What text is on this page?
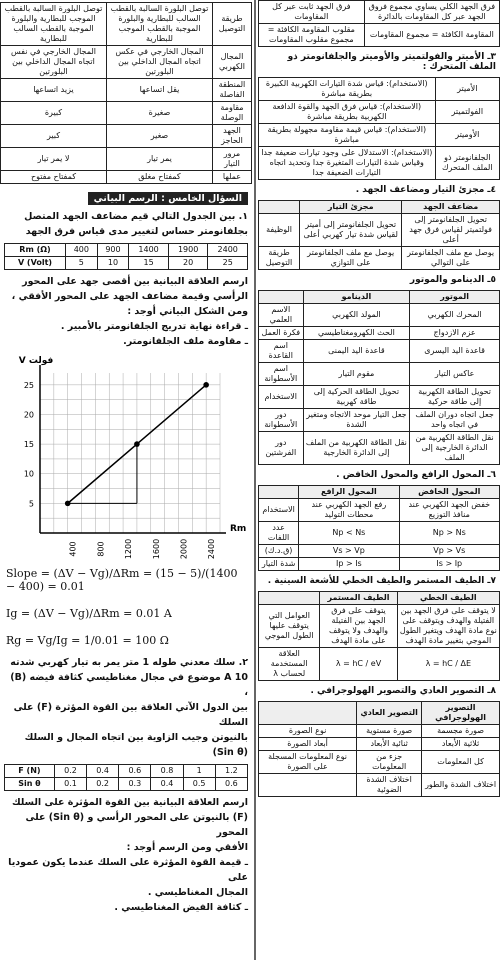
توصل البلورة السالبة بالقطب الموجب للبطارية والبلورة الموجبة بالقطب السالب للبطارية	توصل البلورة السالبة بالقطب السالب للبطارية والبلورة الموجبة بالقطب الموجب للبطارية	طريقة التوصيل
المجال الخارجي في نفس اتجاه المجال الداخلي بين البلورتين	المجال الخارجي في عكس اتجاه المجال الداخلي بين البلورتين	المجال الكهربي
يزيد اتساعها	يقل اتساعها	المنطقة الفاصلة
كبيرة	صغيرة	مقاومة الوصلة
كبير	صغير	الجهد الحاجز
لا يمر تيار	يمر تيار	مرور التيار
كمفتاح مفتوح	كمفتاح مغلق	عملها
السؤال الخامس : الرسم البياني
١. بين الجدول التالي قيم مضاعف الجهد المتصل بجلفانومتر حساس لتغيير مدى قياس فرق الجهد
Rm (Ω)	400	900	1400	1900	2400
V (Volt)	5	10	15	20	25
ارسم العلاقة البيانية بين أقصى جهد على المحور الرأسي وقيمة مضاعف الجهد على المحور الأفقي ،
ومن الشكل البياني أوجد :
ـ قراءة نهاية تدريج الجلفانومتر بالأمبير .
ـ مقاومة ملف الجلفانومتر.
400 800 1200 1600 2000 2400
5
10
15
20
25
Rm
V فولت
Slope = (ΔV − Vg)/ΔRm = (15 − 5)/(1400 − 400) = 0.01
Ig = (ΔV − Vg)/ΔRm = 0.01 A
Rg = Vg/Ig = 1/0.01 = 100 Ω
٢. سلك معدني طوله 1 متر يمر به تيار كهربي شدته
A 10 موضوع في مجال مغناطيسي كثافة فيضه (B) ،
بين الدول الآتي العلاقة بين القوة المؤثرة (F) على السلك
بالنيوتن وجيب الزاوية بين اتجاه المجال و السلك (Sin θ)
F (N)	0.2	0.4	0.6	0.8	1	1.2
Sin θ	0.1	0.2	0.3	0.4	0.5	0.6
ارسم العلاقة البيانية بين القوة المؤثرة على السلك
(F) بالنيوتن على المحور الرأسي و (Sin θ) على المحور
الأفقي ومن الرسم أوجد :
ـ قيمة القوة المؤثرة على السلك عندما يكون عموديا على
المجال المغناطيسي .
ـ كثافة الفيض المغناطيسي .
فرق الجهد الكلي يساوي مجموع فروق الجهد عبر كل المقاومات بالدائرة	فرق الجهد ثابت عبر كل المقاومات
المقاومة الكافئة = مجموع المقاومات	مقلوب المقاومة الكافئة = مجموع مقلوب المقاومات
٣ـ الأميتر والفولتميتر والأوميتر والجلفانومتر ذو الملف المتحرك :
الأميتر	(الاستخدام): قياس شدة التيارات الكهربية الكبيرة بطريقة مباشرة
الفولتميتر	(الاستخدام): قياس فرق الجهد والقوة الدافعة الكهربية بطريقة مباشرة
الأوميتر	(الاستخدام): قياس قيمة مقاومة مجهولة بطريقة مباشرة
الجلفانومتر ذو الملف المتحرك	(الاستخدام): الاستدلال على وجود تيارات ضعيفة جدا وقياس شدة التيارات المتغيرة جدا وتحديد اتجاه التيارات الضعيفة جدا
٤ـ مجزئ التيار ومضاعف الجهد .
مضاعف الجهد	مجزئ التيار	
تحويل الجلفانومتر إلى فولتميتر لقياس فرق جهد أعلى	تحويل الجلفانومتر إلى أميتر لقياس شدة تيار كهربي أعلى	الوظيفة
يوصل مع ملف الجلفانومتر على التوالي	يوصل مع ملف الجلفانومتر على التوازي	طريقة التوصيل
٥ـ الدينامو والموتور
الموتور	الدينامو	
المحرك الكهربي	المولد الكهربي	الاسم العلمي
عزم الازدواج	الحث الكهرومغناطيسي	فكرة العمل
قاعدة اليد اليسرى	قاعدة اليد اليمنى	اسم القاعدة
عاكس التيار	مقوم التيار	اسم الأسطوانة
تحويل الطاقة الكهربية إلى طاقة حركية	تحويل الطاقة الحركية إلى طاقة كهربية	الاستخدام
جعل اتجاه دوران الملف في اتجاه واحد	جعل التيار موحد الاتجاه ومتغير الشدة	دور الأسطوانة
نقل الطاقة الكهربية من الدائرة الخارجية إلى الملف	نقل الطاقة الكهربية من الملف إلى الدائرة الخارجية	دور الفرشتين
٦ـ المحول الرافع والمحول الخافض .
المحول الخافض	المحول الرافع	
خفض الجهد الكهربي عند منافذ التوزيع	رفع الجهد الكهربي عند محطات التوليد	الاستخدام
Np > Ns	Np < Ns	عدد اللفات
Vp > Vs	Vs > Vp	(ق.د.ك)
Is > Ip	Ip > Is	شدة التيار
٧ـ الطيف المستمر والطيف الخطي للأشعة السينية .
الطيف الخطي	الطيف المستمر	
لا يتوقف على فرق الجهد بين الفتيلة والهدف ويتوقف على نوع مادة الهدف ويتغير الطول الموجي بتغيير مادة الهدف	يتوقف على فرق الجهد بين الفتيلة والهدف ولا يتوقف على مادة الهدف	العوامل التي يتوقف عليها الطول الموجي
λ = hC / ΔE	λ = hC / eV	العلاقة المستخدمة لحساب λ
٨ـ التصوير العادي والتصوير الهولوجرافي .
التصوير الهولوجرافي	التصوير العادي	
صورة مجسمة	صورة مستوية	نوع الصورة
ثلاثية الأبعاد	ثنائية الأبعاد	أبعاد الصورة
كل المعلومات	جزء من المعلومات	نوع المعلومات المسجلة على الصورة
اختلاف الشدة والطور	اختلاف الشدة الضوئية	
